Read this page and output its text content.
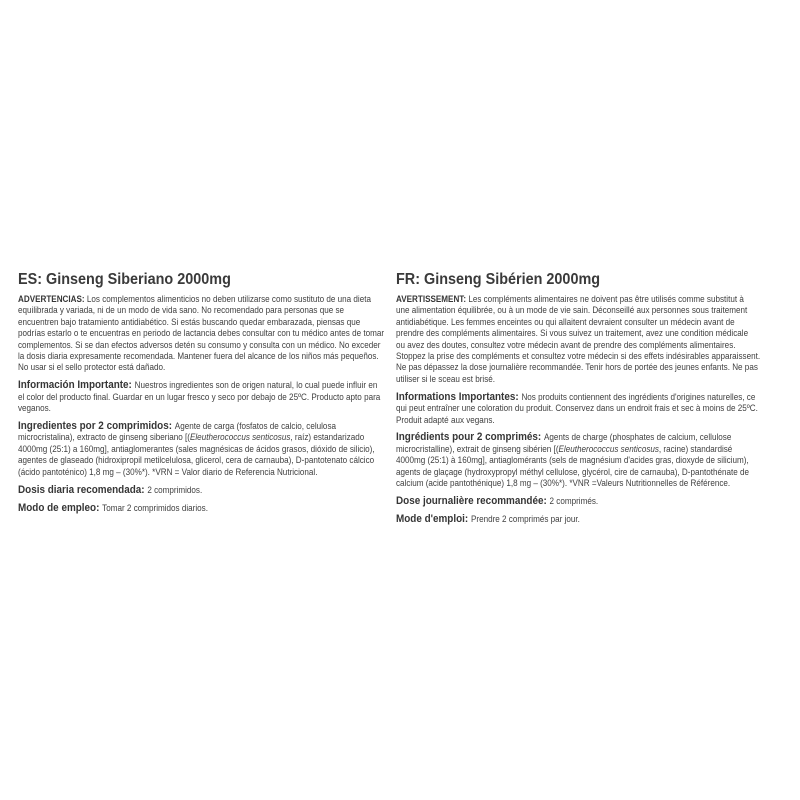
ES: Ginseng Siberiano 2000mg
ADVERTENCIAS: Los complementos alimenticios no deben utilizarse como sustituto de una dieta
equilibrada y variada, ni de un modo de vida sano. No recomendado para personas que se
encuentren bajo tratamiento antidiabético. Si estás buscando quedar embarazada, piensas que
podrías estarlo o te encuentras en periodo de lactancia debes consultar con tu médico antes de tomar
complementos. Si se dan efectos adversos detén su consumo y consulta con un médico. No exceder
la dosis diaria expresamente recomendada. Mantener fuera del alcance de los niños más pequeños.
No usar si el sello protector está dañado.
Información Importante: Nuestros ingredientes son de origen natural, lo cual puede influir en
el color del producto final. Guardar en un lugar fresco y seco por debajo de 25ºC. Producto apto para
veganos.
Ingredientes por 2 comprimidos: Agente de carga (fosfatos de calcio, celulosa
microcristalina), extracto de ginseng siberiano [(Eleutherococcus senticosus, raíz) estandarizado
4000mg (25:1) a 160mg], antiaglomerantes (sales magnésicas de ácidos grasos, dióxido de silicio),
agentes de glaseado (hidroxipropil metilcelulosa, glicerol, cera de carnauba), D-pantotenato cálcico
(ácido pantoténico) 1,8 mg – (30%*). *VRN = Valor diario de Referencia Nutricional.
Dosis diaria recomendada: 2 comprimidos.
Modo de empleo: Tomar 2 comprimidos diarios.
FR: Ginseng Sibérien 2000mg
AVERTISSEMENT: Les compléments alimentaires ne doivent pas être utilisés comme substitut à
une alimentation équilibrée, ou à un mode de vie sain. Déconseillé aux personnes sous traitement
antidiabétique. Les femmes enceintes ou qui allaitent devraient consulter un médecin avant de
prendre des compléments alimentaires. Si vous suivez un traitement, avez une condition médicale
ou avez des doutes, consultez votre médecin avant de prendre des compléments alimentaires.
Stoppez la prise des compléments et consultez votre médecin si des effets indésirables apparaissent.
Ne pas dépassez la dose journalière recommandée. Tenir hors de portée des jeunes enfants. Ne pas
utiliser si le sceau est brisé.
Informations Importantes: Nos produits contiennent des ingrédients d'origines naturelles, ce
qui peut entraîner une coloration du produit. Conservez dans un endroit frais et sec à moins de 25ºC.
Produit adapté aux vegans.
Ingrédients pour 2 comprimés: Agents de charge (phosphates de calcium, cellulose
microcristalline), extrait de ginseng sibérien [(Eleutherococcus senticosus, racine) standardisé
4000mg (25:1) à 160mg], antiaglomérants (sels de magnésium d'acides gras, dioxyde de silicium),
agents de glaçage (hydroxypropyl méthyl cellulose, glycérol, cire de carnauba), D-pantothénate de
calcium (acide pantothénique) 1,8 mg – (30%*). *VNR =Valeurs Nutritionnelles de Référence.
Dose journalière recommandée: 2 comprimés.
Mode d'emploi: Prendre 2 comprimés par jour.
